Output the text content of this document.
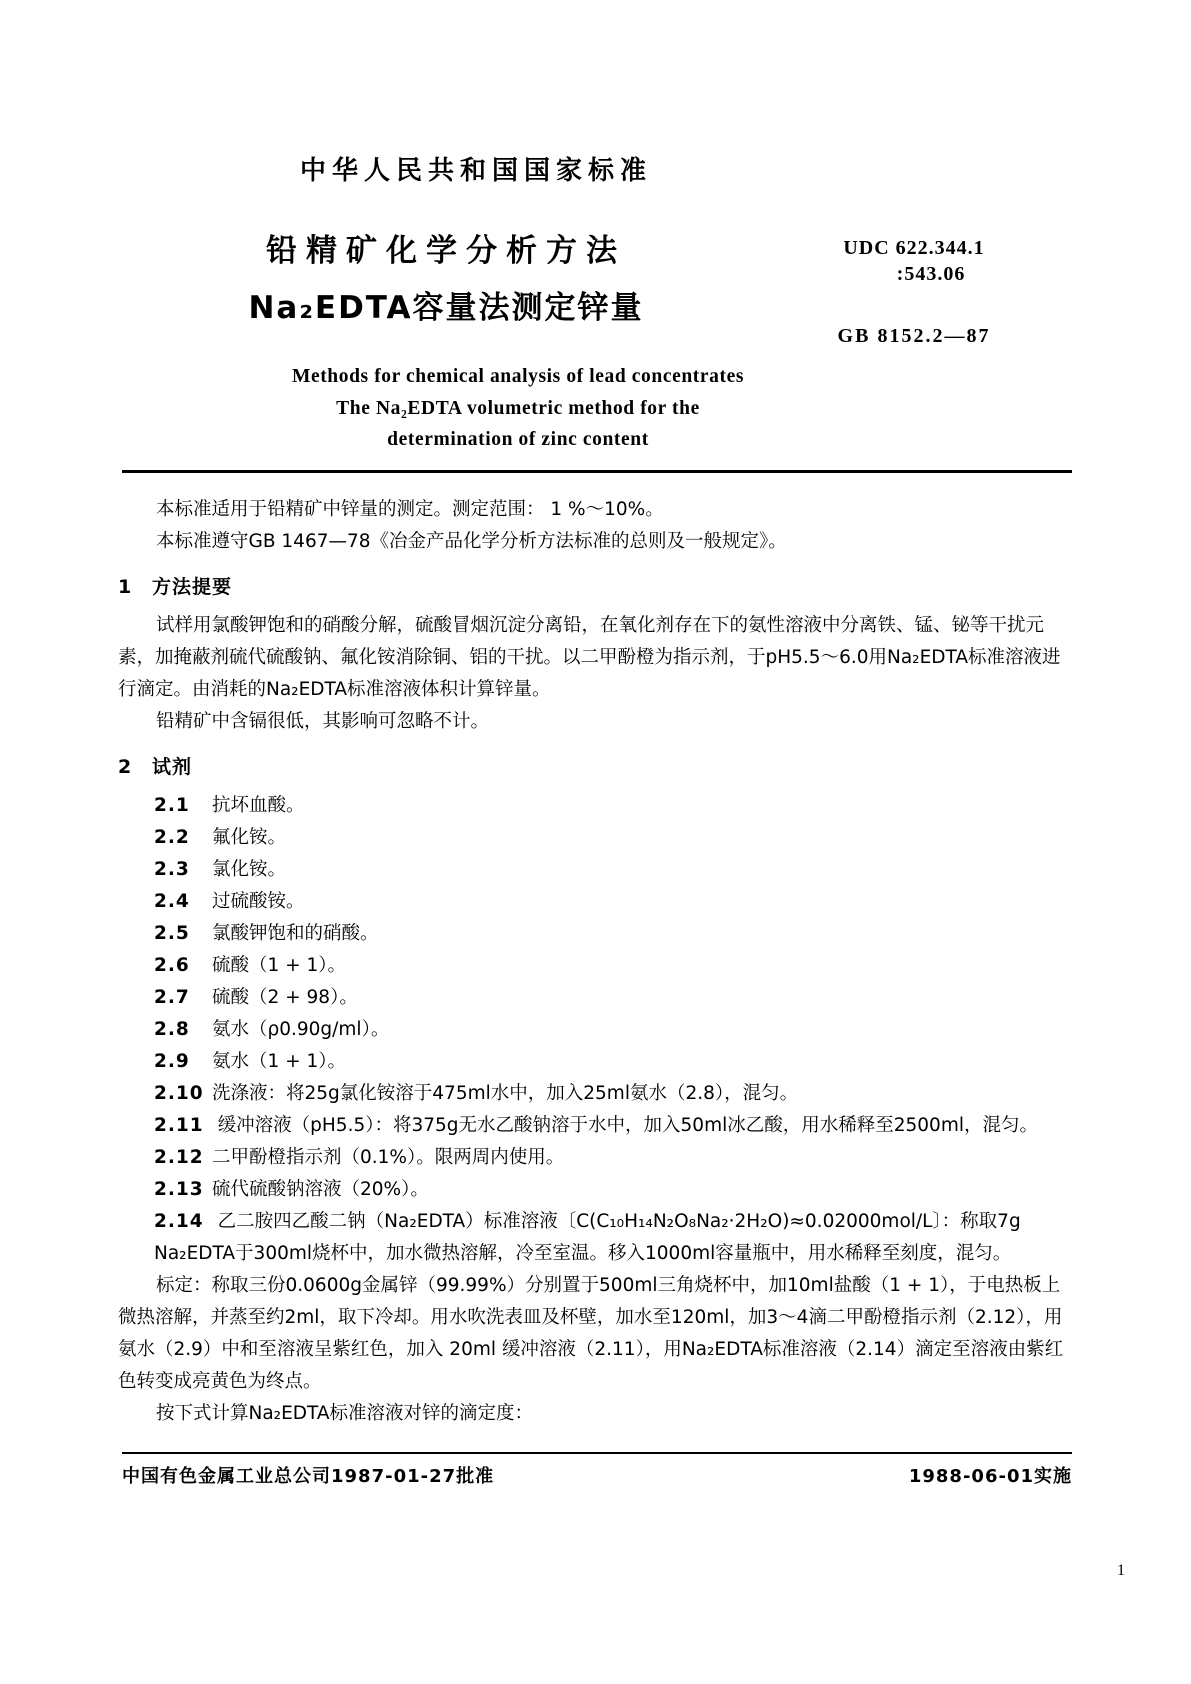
中华人民共和国国家标准
铅精矿化学分析方法
Na₂EDTA容量法测定锌量
UDC 622.344.1
:543.06
GB 8152.2—87
Methods for chemical analysis of lead concentrates
The Na₂EDTA volumetric method for the
determination of zinc content

本标准适用于铅精矿中锌量的测定。测定范围： 1 %～10%。

本标准遵守GB 1467—78《冶金产品化学分析方法标准的总则及一般规定》。

1 方法提要

试样用氯酸钾饱和的硝酸分解，硫酸冒烟沉淀分离铅，在氧化剂存在下的氨性溶液中分离铁、锰、铋等干扰元素，加掩蔽剂硫代硫酸钠、氟化铵消除铜、铝的干扰。以二甲酚橙为指示剂，于pH5.5～6.0用Na₂EDTA标准溶液进行滴定。由消耗的Na₂EDTA标准溶液体积计算锌量。

铅精矿中含镉很低，其影响可忽略不计。

2 试剂
2.1	抗坏血酸。
2.2	氟化铵。
2.3	氯化铵。
2.4	过硫酸铵。
2.5	氯酸钾饱和的硝酸。
2.6	硫酸（1 + 1）。
2.7	硫酸（2 + 98）。
2.8	氨水（ρ0.90g/ml）。
2.9	氨水（1 + 1）。
2.10 洗涤液：将25g氯化铵溶于475ml水中，加入25ml氨水（2.8），混匀。
2.11 缓冲溶液（pH5.5）：将375g无水乙酸钠溶于水中，加入50ml冰乙酸，用水稀释至2500ml，混匀。
2.12 二甲酚橙指示剂（0.1%）。限两周内使用。
2.13 硫代硫酸钠溶液（20%）。
2.14 乙二胺四乙酸二钠（Na₂EDTA）标准溶液〔C(C₁₀H₁₄N₂O₈Na₂·2H₂O)≈0.02000mol/L〕：称取7g Na₂EDTA于300ml烧杯中，加水微热溶解，冷至室温。移入1000ml容量瓶中，用水稀释至刻度，混匀。

标定：称取三份0.0600g金属锌（99.99%）分别置于500ml三角烧杯中，加10ml盐酸（1 + 1），于电热板上微热溶解，并蒸至约2ml，取下冷却。用水吹洗表皿及杯壁，加水至120ml，加3～4滴二甲酚橙指示剂（2.12），用氨水（2.9）中和至溶液呈紫红色，加入 20ml 缓冲溶液（2.11），用Na₂EDTA标准溶液（2.14）滴定至溶液由紫红色转变成亮黄色为终点。

按下式计算Na₂EDTA标准溶液对锌的滴定度：

中国有色金属工业总公司1987-01-27批准	1988-06-01实施
1
